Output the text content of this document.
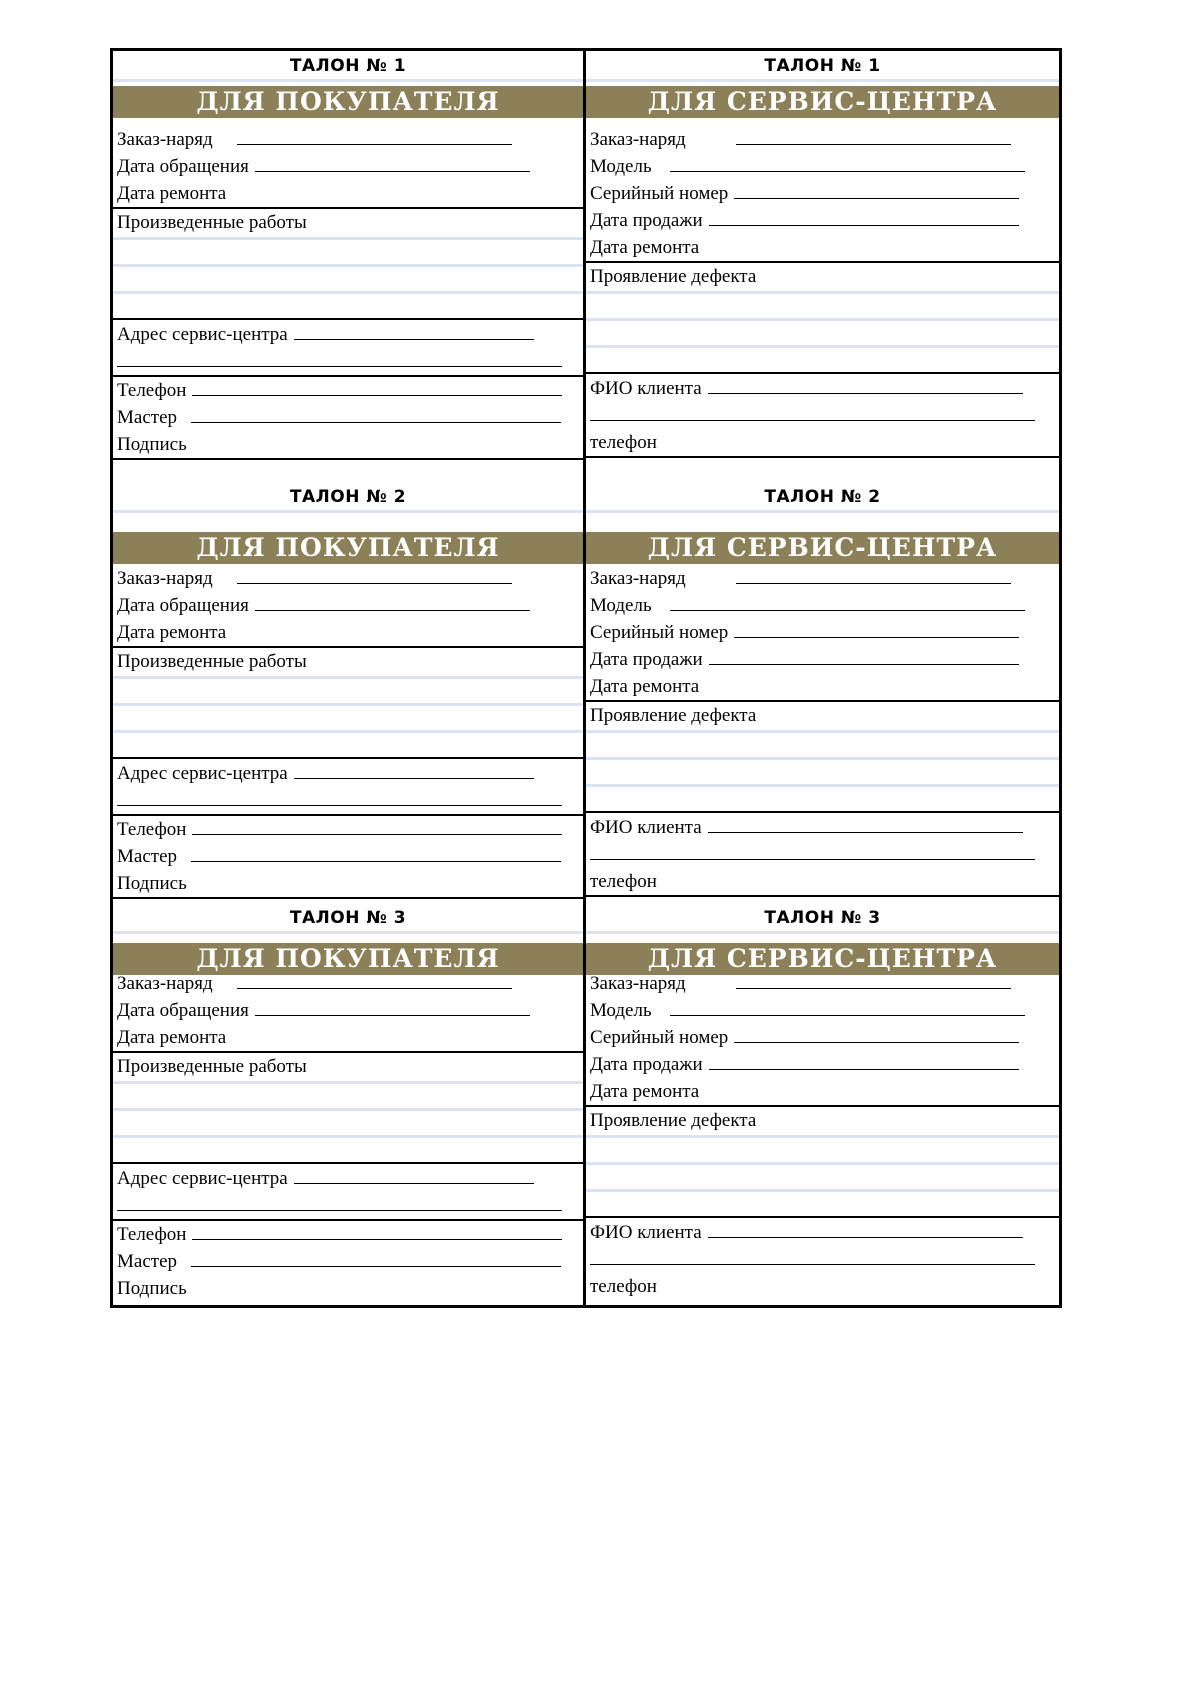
ТАЛОН № 1
ДЛЯ ПОКУПАТЕЛЯ
Заказ-наряд
Дата обращения
Дата ремонта
Произведенные работы
Адрес сервис-центра
Телефон
Мастер
Подпись
ТАЛОН № 2
ДЛЯ ПОКУПАТЕЛЯ
Заказ-наряд
Дата обращения
Дата ремонта
Произведенные работы
Адрес сервис-центра
Телефон
Мастер
Подпись
ТАЛОН № 3
ДЛЯ ПОКУПАТЕЛЯ
Заказ-наряд
Дата обращения
Дата ремонта
Произведенные работы
Адрес сервис-центра
Телефон
Мастер
Подпись
ТАЛОН № 1
ДЛЯ СЕРВИС-ЦЕНТРА
Заказ-наряд
Модель
Серийный номер
Дата продажи
Дата ремонта
Проявление дефекта
ФИО клиента
телефон
ТАЛОН № 2
ДЛЯ СЕРВИС-ЦЕНТРА
Заказ-наряд
Модель
Серийный номер
Дата продажи
Дата ремонта
Проявление дефекта
ФИО клиента
телефон
ТАЛОН № 3
ДЛЯ СЕРВИС-ЦЕНТРА
Заказ-наряд
Модель
Серийный номер
Дата продажи
Дата ремонта
Проявление дефекта
ФИО клиента
телефон
